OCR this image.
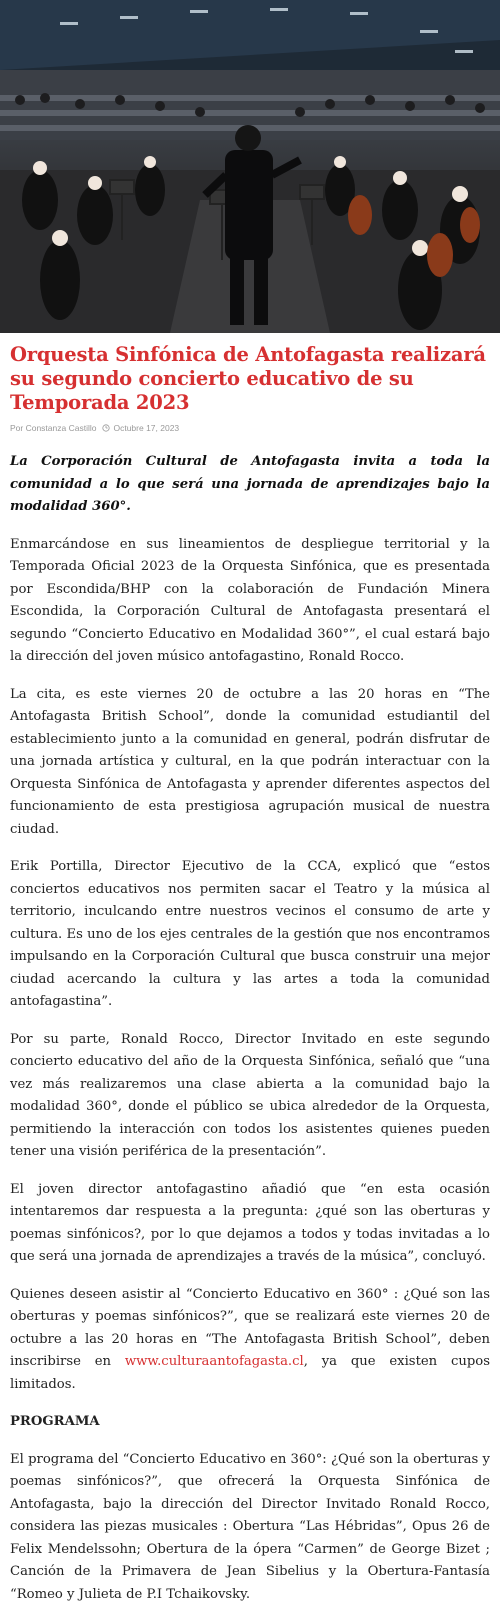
Orquesta Sinfónica de Antofagasta realizará su segundo concierto educativo de su Temporada 2023
Por Constanza Castillo Octubre 17, 2023

La Corporación Cultural de Antofagasta invita a toda la comunidad a lo que será una jornada de aprendizajes bajo la modalidad 360°.

Enmarcándose en sus lineamientos de despliegue territorial y la Temporada Oficial 2023 de la Orquesta Sinfónica, que es presentada por Escondida/BHP con la colaboración de Fundación Minera Escondida, la Corporación Cultural de Antofagasta presentará el segundo “Concierto Educativo en Modalidad 360°”, el cual estará bajo la dirección del joven músico antofagastino, Ronald Rocco.

La cita, es este viernes 20 de octubre a las 20 horas en “The Antofagasta British School”, donde la comunidad estudiantil del establecimiento junto a la comunidad en general, podrán disfrutar de una jornada artística y cultural, en la que podrán interactuar con la Orquesta Sinfónica de Antofagasta y aprender diferentes aspectos del funcionamiento de esta prestigiosa agrupación musical de nuestra ciudad.

Erik Portilla, Director Ejecutivo de la CCA, explicó que “estos conciertos educativos nos permiten sacar el Teatro y la música al territorio, inculcando entre nuestros vecinos el consumo de arte y cultura. Es uno de los ejes centrales de la gestión que nos encontramos impulsando en la Corporación Cultural que busca construir una mejor ciudad acercando la cultura y las artes a toda la comunidad antofagastina”.

Por su parte, Ronald Rocco, Director Invitado en este segundo concierto educativo del año de la Orquesta Sinfónica, señaló que “una vez más realizaremos una clase abierta a la comunidad bajo la modalidad 360°, donde el público se ubica alrededor de la Orquesta, permitiendo la interacción con todos los asistentes quienes pueden tener una visión periférica de la presentación”.

El joven director antofagastino añadió que “en esta ocasión intentaremos dar respuesta a la pregunta: ¿qué son las oberturas y poemas sinfónicos?, por lo que dejamos a todos y todas invitadas a lo que será una jornada de aprendizajes a través de la música”, concluyó.

Quienes deseen asistir al “Concierto Educativo en 360° : ¿Qué son las oberturas y poemas sinfónicos?”, que se realizará este viernes 20 de octubre a las 20 horas en “The Antofagasta British School”, deben inscribirse en www.culturaantofagasta.cl, ya que existen cupos limitados.

PROGRAMA

El programa del “Concierto Educativo en 360°: ¿Qué son la oberturas y poemas sinfónicos?”, que ofrecerá la Orquesta Sinfónica de Antofagasta, bajo la dirección del Director Invitado Ronald Rocco, considera las piezas musicales : Obertura “Las Hébridas”, Opus 26 de Felix Mendelssohn; Obertura de la ópera “Carmen” de George Bizet ; Canción de la Primavera de Jean Sibelius y la Obertura-Fantasía “Romeo y Julieta de P.I Tchaikovsky.
